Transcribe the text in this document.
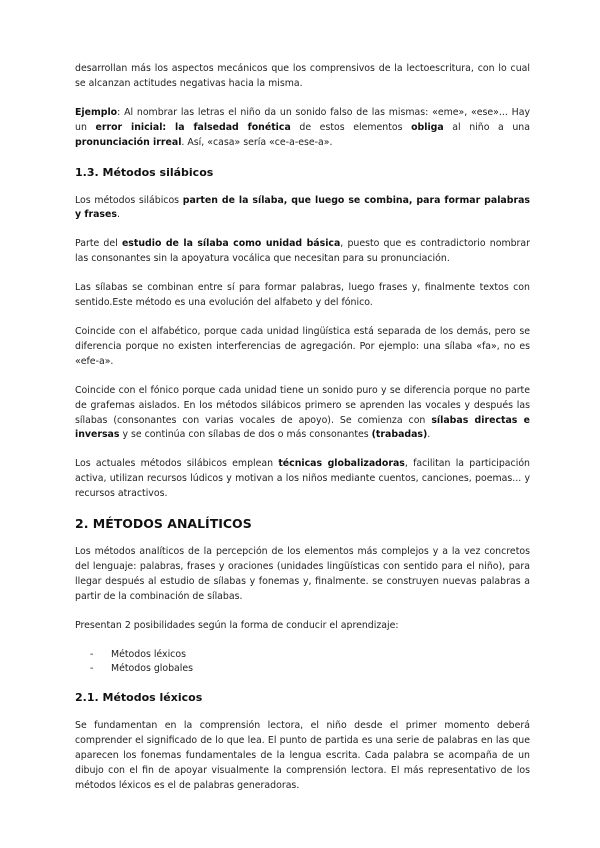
desarrollan más los aspectos mecánicos que los comprensivos de la lectoescritura, con lo cual se alcanzan actitudes negativas hacia la misma.

Ejemplo: Al nombrar las letras el niño da un sonido falso de las mismas: «eme», «ese»... Hay un error inicial: la falsedad fonética de estos elementos obliga al niño a una pronunciación irreal. Así, «casa» sería «ce-a-ese-a».

1.3. Métodos silábicos

Los métodos silábicos parten de la sílaba, que luego se combina, para formar palabras y frases.

Parte del estudio de la sílaba como unidad básica, puesto que es contradictorio nombrar las consonantes sin la apoyatura vocálica que necesitan para su pronunciación.

Las sílabas se combinan entre sí para formar palabras, luego frases y, finalmente textos con sentido.Este método es una evolución del alfabeto y del fónico.

Coincide con el alfabético, porque cada unidad lingüística está separada de los demás, pero se diferencia porque no existen interferencias de agregación. Por ejemplo: una sílaba «fa», no es «efe-a».

Coincide con el fónico porque cada unidad tiene un sonido puro y se diferencia porque no parte de grafemas aislados. En los métodos silábicos primero se aprenden las vocales y después las sílabas (consonantes con varias vocales de apoyo). Se comienza con sílabas directas e inversas y se continúa con sílabas de dos o más consonantes (trabadas).

Los actuales métodos silábicos emplean técnicas globalizadoras, facilitan la participación activa, utilizan recursos lúdicos y motivan a los niños mediante cuentos, canciones, poemas... y recursos atractivos.

2. MÉTODOS ANALÍTICOS

Los métodos analíticos de la percepción de los elementos más complejos y a la vez concretos del lenguaje: palabras, frases y oraciones (unidades lingüísticas con sentido para el niño), para llegar después al estudio de sílabas y fonemas y, finalmente. se construyen nuevas palabras a partir de la combinación de sílabas.

Presentan 2 posibilidades según la forma de conducir el aprendizaje:

- Métodos léxicos
- Métodos globales
2.1. Métodos léxicos

Se fundamentan en la comprensión lectora, el niño desde el primer momento deberá comprender el significado de lo que lea. El punto de partida es una serie de palabras en las que aparecen los fonemas fundamentales de la lengua escrita. Cada palabra se acompaña de un dibujo con el fin de apoyar visualmente la comprensión lectora. El más representativo de los métodos léxicos es el de palabras generadoras.
